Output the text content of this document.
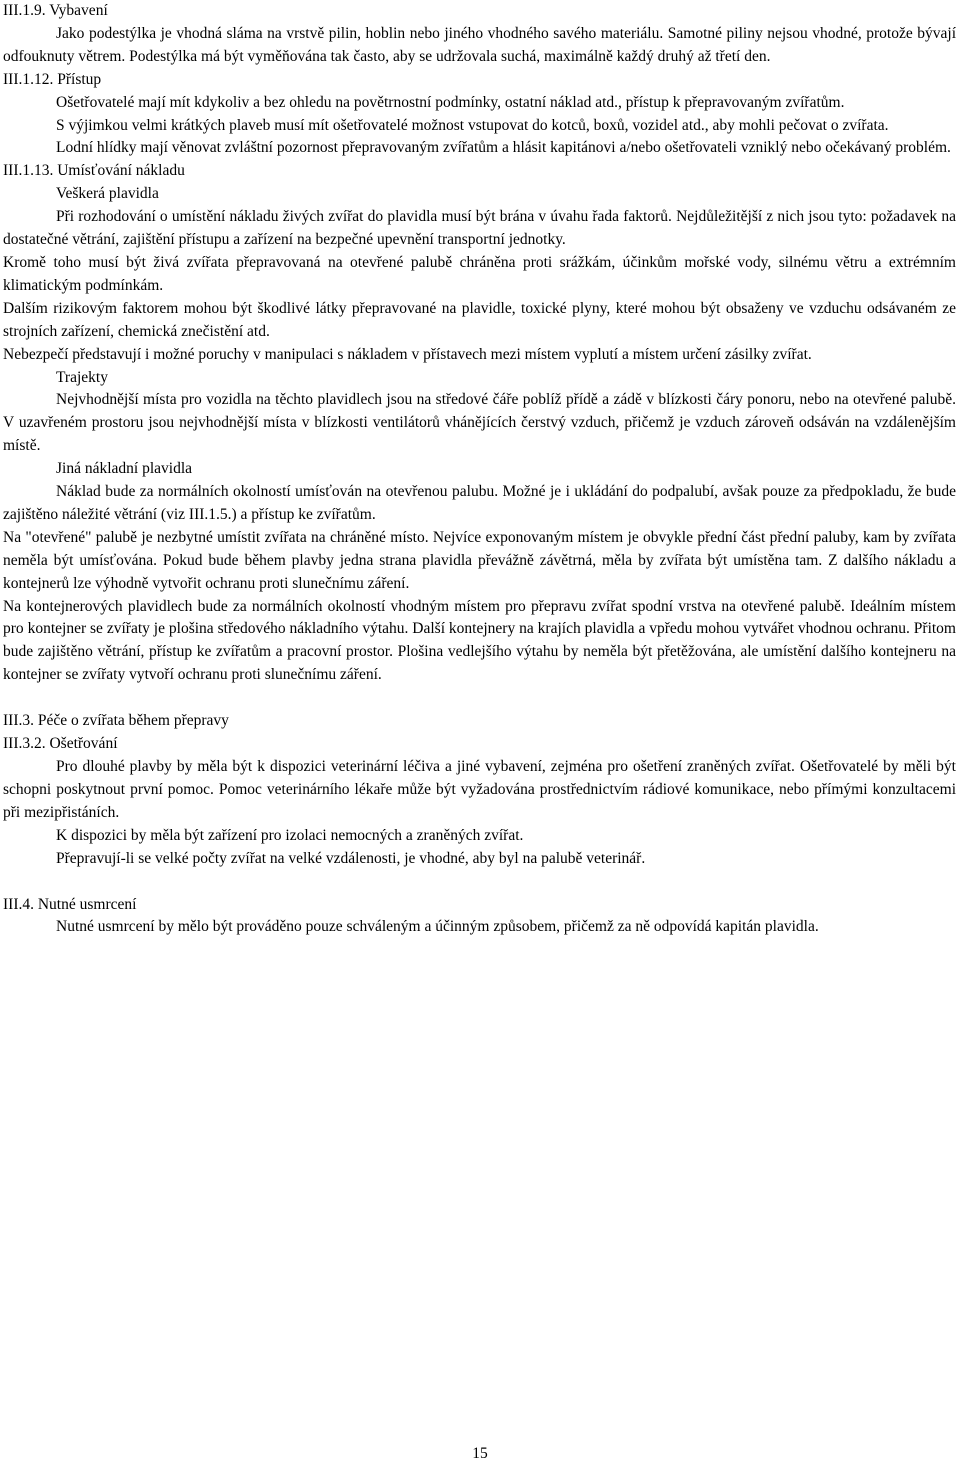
III.1.9. Vybavení

Jako podestýlka je vhodná sláma na vrstvě pilin, hoblin nebo jiného vhodného savého materiálu. Samotné piliny nejsou vhodné, protože bývají odfouknuty větrem. Podestýlka má být vyměňována tak často, aby se udržovala suchá, maximálně každý druhý až třetí den.

III.1.12. Přístup

Ošetřovatelé mají mít kdykoliv a bez ohledu na povětrnostní podmínky, ostatní náklad atd., přístup k přepravovaným zvířatům.

S výjimkou velmi krátkých plaveb musí mít ošetřovatelé možnost vstupovat do kotců, boxů, vozidel atd., aby mohli pečovat o zvířata.

Lodní hlídky mají věnovat zvláštní pozornost přepravovaným zvířatům a hlásit kapitánovi a/nebo ošetřovateli vzniklý nebo očekávaný problém.

III.1.13. Umísťování nákladu

Veškerá plavidla

Při rozhodování o umístění nákladu živých zvířat do plavidla musí být brána v úvahu řada faktorů. Nejdůležitější z nich jsou tyto: požadavek na dostatečné větrání, zajištění přístupu a zařízení na bezpečné upevnění transportní jednotky.

Kromě toho musí být živá zvířata přepravovaná na otevřené palubě chráněna proti srážkám, účinkům mořské vody, silnému větru a extrémním klimatickým podmínkám.

Dalším rizikovým faktorem mohou být škodlivé látky přepravované na plavidle, toxické plyny, které mohou být obsaženy ve vzduchu odsávaném ze strojních zařízení, chemická znečistění atd.

Nebezpečí představují i možné poruchy v manipulaci s nákladem v přístavech mezi místem vyplutí a místem určení zásilky zvířat.

Trajekty

Nejvhodnější místa pro vozidla na těchto plavidlech jsou na středové čáře poblíž přídě a zádě v blízkosti čáry ponoru, nebo na otevřené palubě. V uzavřeném prostoru jsou nejvhodnější místa v blízkosti ventilátorů vhánějících čerstvý vzduch, přičemž je vzduch zároveň odsáván na vzdálenějším místě.

Jiná nákladní plavidla

Náklad bude za normálních okolností umísťován na otevřenou palubu. Možné je i ukládání do podpalubí, avšak pouze za předpokladu, že bude zajištěno náležité větrání (viz III.1.5.) a přístup ke zvířatům.

Na "otevřené" palubě je nezbytné umístit zvířata na chráněné místo. Nejvíce exponovaným místem je obvykle přední část přední paluby, kam by zvířata neměla být umísťována. Pokud bude během plavby jedna strana plavidla převážně závětrná, měla by zvířata být umístěna tam. Z dalšího nákladu a kontejnerů lze výhodně vytvořit ochranu proti slunečnímu záření.

Na kontejnerových plavidlech bude za normálních okolností vhodným místem pro přepravu zvířat spodní vrstva na otevřené palubě. Ideálním místem pro kontejner se zvířaty je plošina středového nákladního výtahu. Další kontejnery na krajích plavidla a vpředu mohou vytvářet vhodnou ochranu. Přitom bude zajištěno větrání, přístup ke zvířatům a pracovní prostor. Plošina vedlejšího výtahu by neměla být přetěžována, ale umístění dalšího kontejneru na kontejner se zvířaty vytvoří ochranu proti slunečnímu záření.

III.3. Péče o zvířata během přepravy

III.3.2. Ošetřování

Pro dlouhé plavby by měla být k dispozici veterinární léčiva a jiné vybavení, zejména pro ošetření zraněných zvířat. Ošetřovatelé by měli být schopni poskytnout první pomoc. Pomoc veterinárního lékaře může být vyžadována prostřednictvím rádiové komunikace, nebo přímými konzultacemi při mezipřistáních.

K dispozici by měla být zařízení pro izolaci nemocných a zraněných zvířat.

Přepravují-li se velké počty zvířat na velké vzdálenosti, je vhodné, aby byl na palubě veterinář.

III.4. Nutné usmrcení

Nutné usmrcení by mělo být prováděno pouze schváleným a účinným způsobem, přičemž za ně odpovídá kapitán plavidla.

15
